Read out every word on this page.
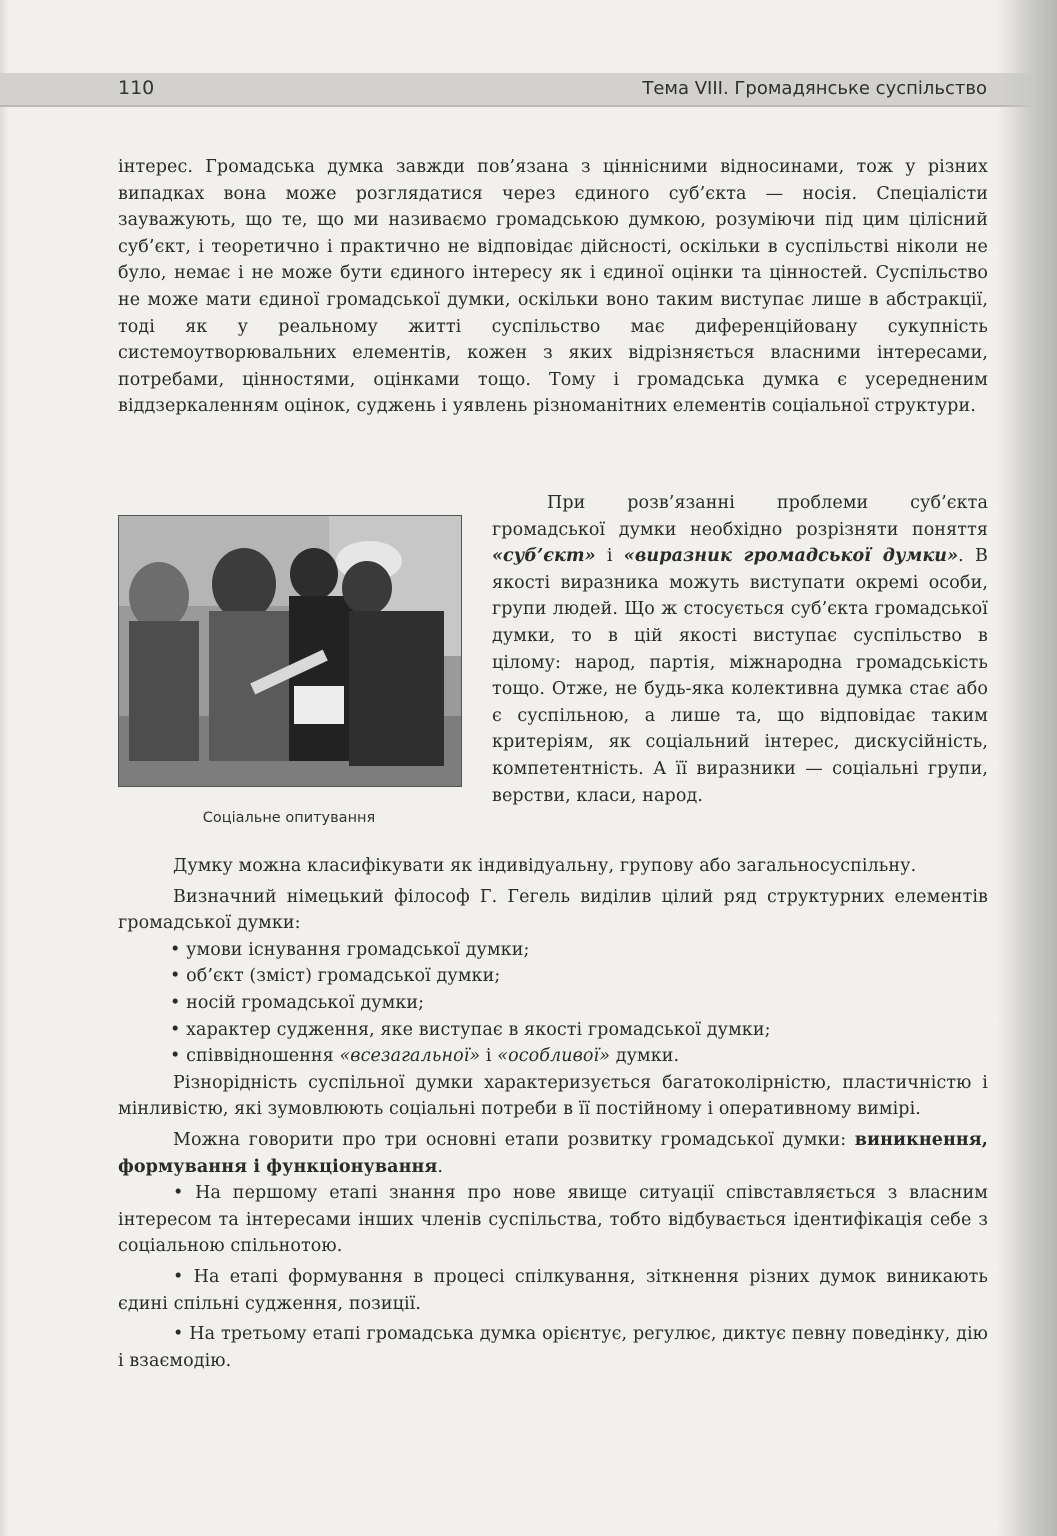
110	Тема VIII. Громадянське суспільство

інтерес. Громадська думка завжди пов’язана з ціннісними відносинами, тож у різних випадках вона може розглядатися через єдиного суб’єкта — носія. Спеціалісти зауважують, що те, що ми називаємо громадською думкою, розуміючи під цим цілісний суб’єкт, і теоретично і практично не відповідає дійсності, оскільки в суспільстві ніколи не було, немає і не може бути єдиного інтересу як і єдиної оцінки та цінностей. Суспільство не може мати єдиної громадської думки, оскільки воно таким виступає лише в абстракції, тоді як у реальному житті суспільство має диференційовану сукупність системоутворювальних елементів, кожен з яких відрізняється власними інтересами, потребами, цінностями, оцінками тощо. Тому і громадська думка є усередненим віддзеркаленням оцінок, суджень і уявлень різноманітних елементів соціальної структури.

Соціальне опитування

При розв’язанні проблеми суб’єкта громадської думки необхідно розрізняти поняття «суб’єкт» і «виразник громадської думки». В якості виразника можуть виступати окремі особи, групи людей. Що ж стосується суб’єкта громадської думки, то в цій якості виступає суспільство в цілому: народ, партія, міжнародна громадськість тощо. Отже, не будь-яка колективна думка стає або є суспільною, а лише та, що відповідає таким критеріям, як соціальний інтерес, дискусійність, компетентність. А її виразники — соціальні групи, верстви, класи, народ.

Думку можна класифікувати як індивідуальну, групову або загальносуспільну.

Визначний німецький філософ Г. Гегель виділив цілий ряд структурних елементів громадської думки:

• умови існування громадської думки;

• об’єкт (зміст) громадської думки;

• носій громадської думки;

• характер судження, яке виступає в якості громадської думки;

• співвідношення «всезагальної» і «особливої» думки.

Різнорідність суспільної думки характеризується багатоколірністю, пластичністю і мінливістю, які зумовлюють соціальні потреби в її постійному і оперативному вимірі.

Можна говорити про три основні етапи розвитку громадської думки: виникнення, формування і функціонування.

• На першому етапі знання про нове явище ситуації співставляється з власним інтересом та інтересами інших членів суспільства, тобто відбувається ідентифікація себе з соціальною спільнотою.

• На етапі формування в процесі спілкування, зіткнення різних думок виникають єдині спільні судження, позиції.

• На третьому етапі громадська думка орієнтує, регулює, диктує певну поведінку, дію і взаємодію.
